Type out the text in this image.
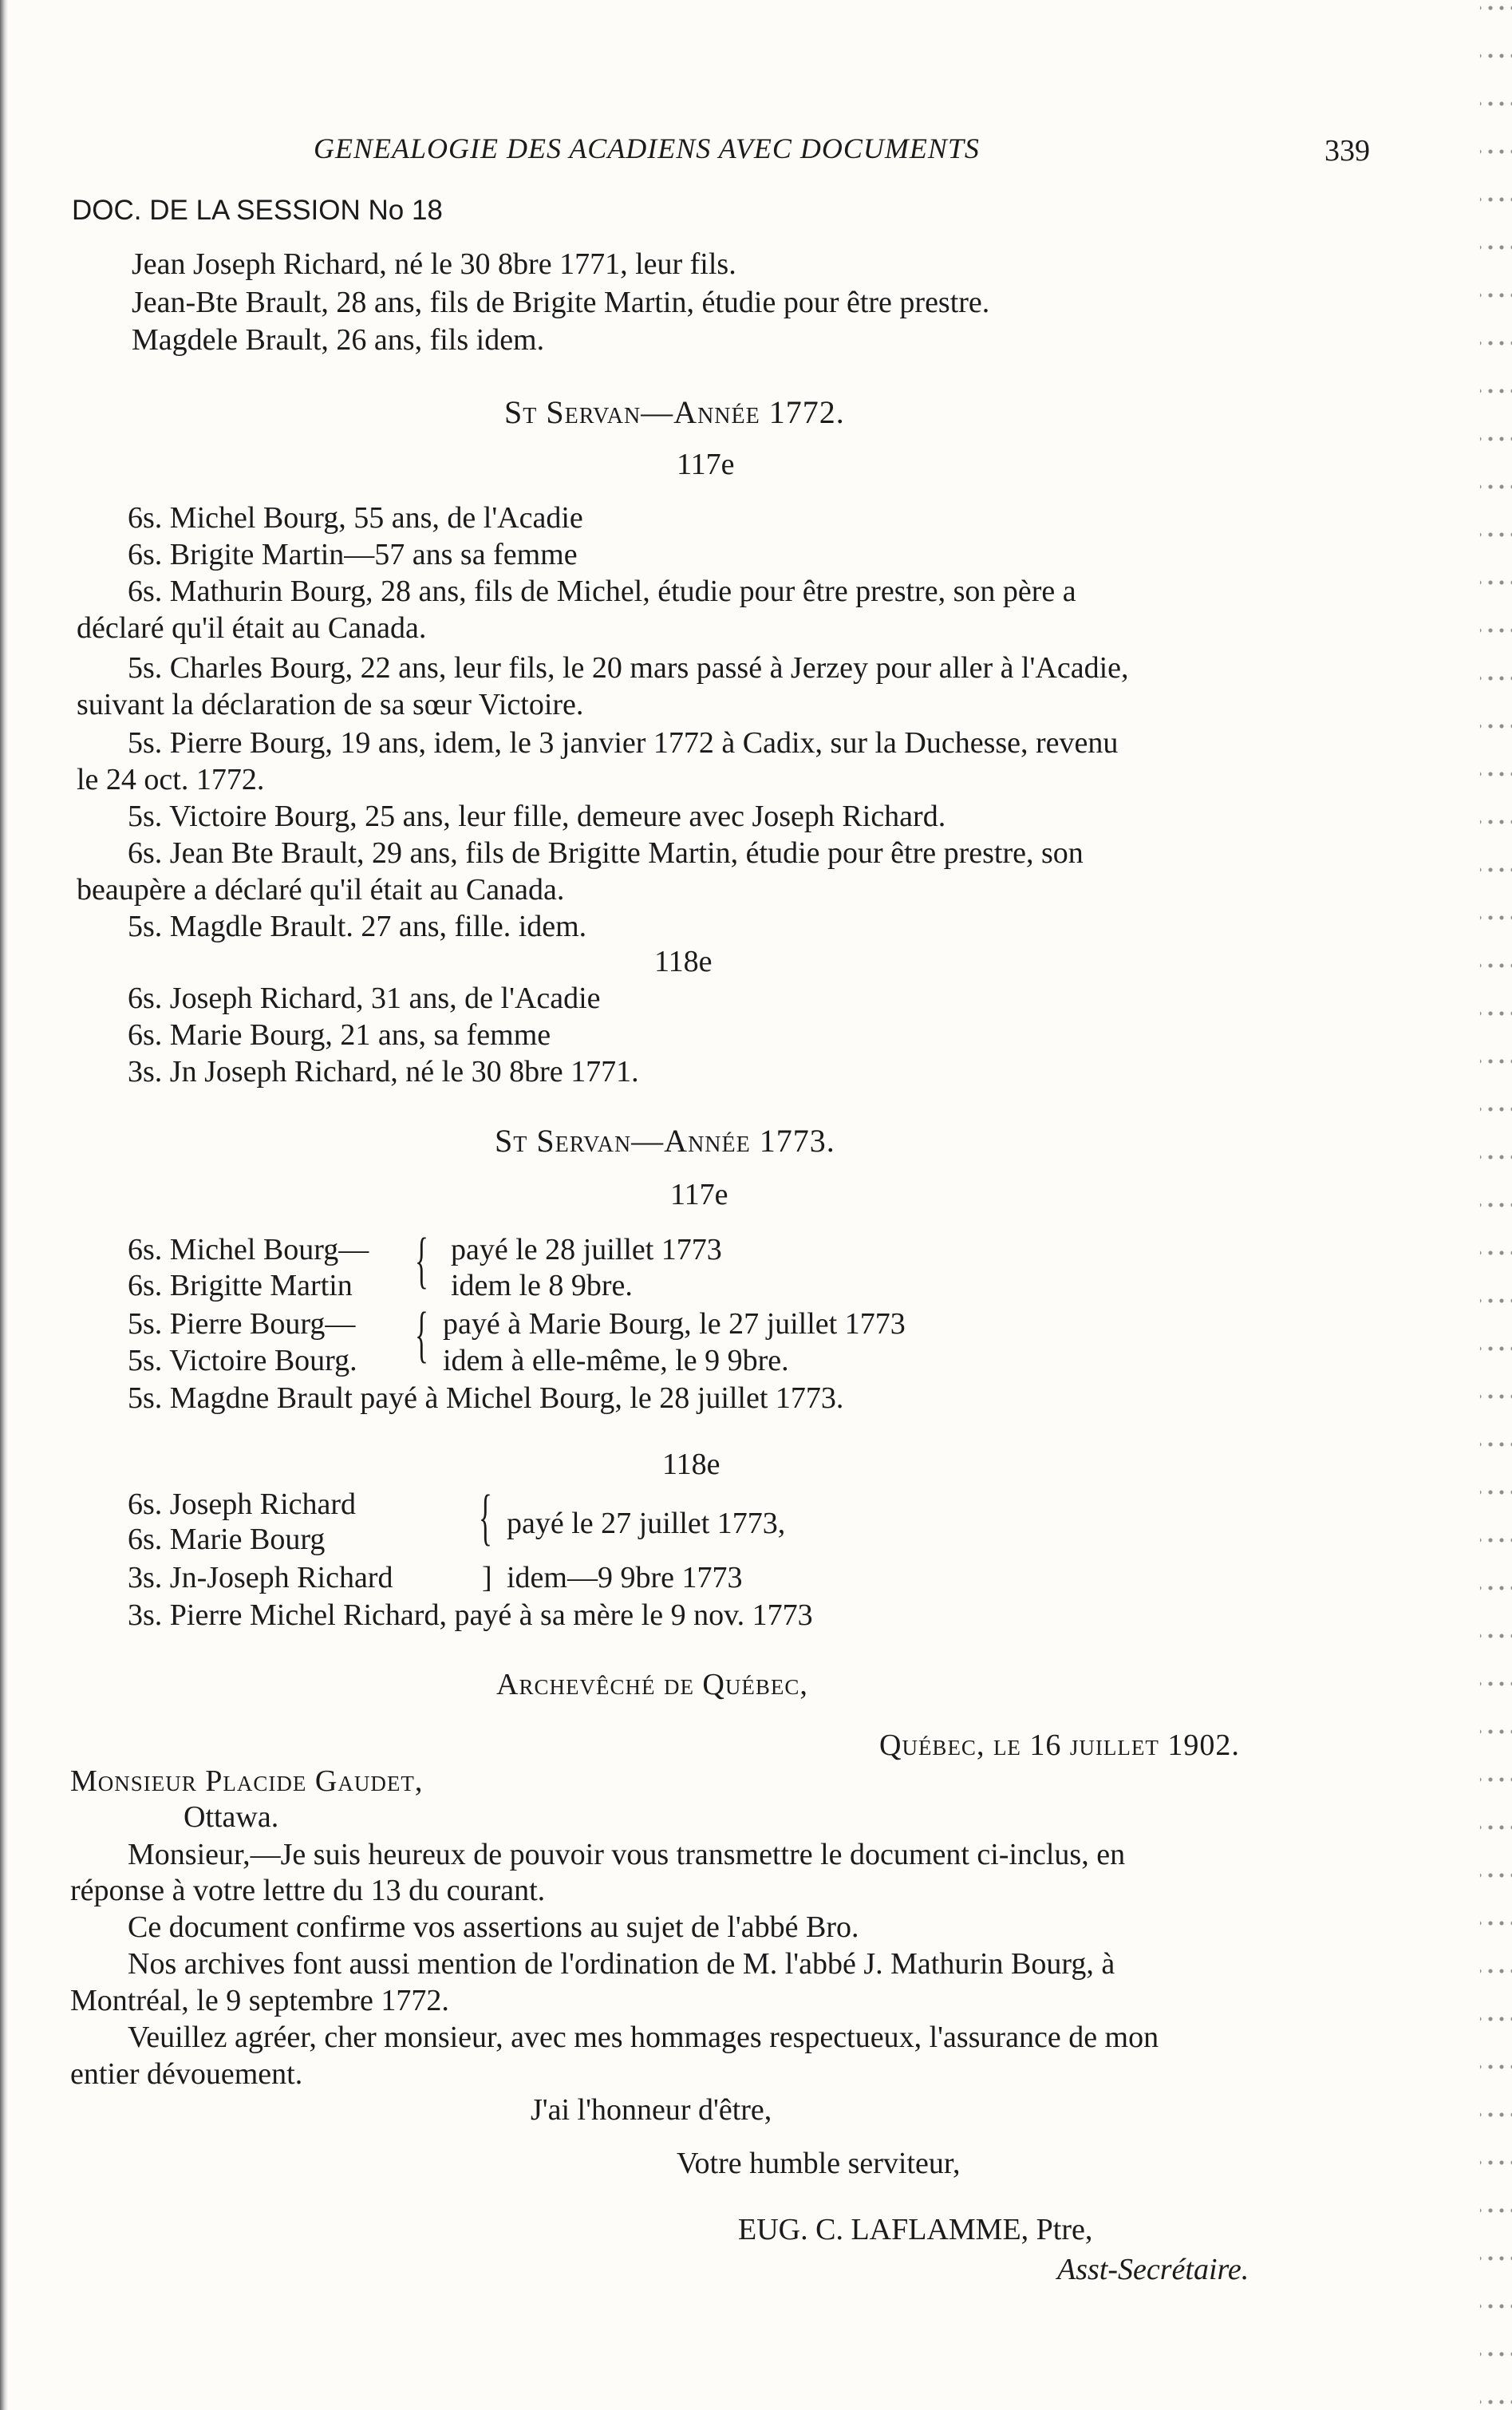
GENEALOGIE DES ACADIENS AVEC DOCUMENTS	339
DOC. DE LA SESSION No 18
Jean Joseph Richard, né le 30 8bre 1771, leur fils.
Jean-Bte Brault, 28 ans, fils de Brigite Martin, étudie pour être prestre.
Magdele Brault, 26 ans, fils idem.
St Servan—Année 1772.
117e
6s. Michel Bourg, 55 ans, de l'Acadie
6s. Brigite Martin—57 ans sa femme
6s. Mathurin Bourg, 28 ans, fils de Michel, étudie pour être prestre, son père a
déclaré qu'il était au Canada.
5s. Charles Bourg, 22 ans, leur fils, le 20 mars passé à Jerzey pour aller à l'Acadie,
suivant la déclaration de sa sœur Victoire.
5s. Pierre Bourg, 19 ans, idem, le 3 janvier 1772 à Cadix, sur la Duchesse, revenu
le 24 oct. 1772.
5s. Victoire Bourg, 25 ans, leur fille, demeure avec Joseph Richard.
6s. Jean Bte Brault, 29 ans, fils de Brigitte Martin, étudie pour être prestre, son
beaupère a déclaré qu'il était au Canada.
5s. Magdle Brault. 27 ans, fille. idem.
118e
6s. Joseph Richard, 31 ans, de l'Acadie
6s. Marie Bourg, 21 ans, sa femme
3s. Jn Joseph Richard, né le 30 8bre 1771.
St Servan—Année 1773.
117e
6s. Michel Bourg—
6s. Brigitte Martin { payé le 28 juillet 1773
idem le 8 9bre.
5s. Pierre Bourg—
5s. Victoire Bourg. { payé à Marie Bourg, le 27 juillet 1773
idem à elle-même, le 9 9bre.
5s. Magdne Brault payé à Michel Bourg, le 28 juillet 1773.
118e
6s. Joseph Richard
6s. Marie Bourg { payé le 27 juillet 1773,
3s. Jn-Joseph Richard	] idem—9 9bre 1773
3s. Pierre Michel Richard, payé à sa mère le 9 nov. 1773
Archevêché de Québec,
Québec, le 16 juillet 1902.
Monsieur Placide Gaudet,
Ottawa.
Monsieur,—Je suis heureux de pouvoir vous transmettre le document ci-inclus, en
réponse à votre lettre du 13 du courant.
Ce document confirme vos assertions au sujet de l'abbé Bro.
Nos archives font aussi mention de l'ordination de M. l'abbé J. Mathurin Bourg, à
Montréal, le 9 septembre 1772.
Veuillez agréer, cher monsieur, avec mes hommages respectueux, l'assurance de mon
entier dévouement.
J'ai l'honneur d'être,
Votre humble serviteur,
EUG. C. LAFLAMME, Ptre,
Asst-Secrétaire.
